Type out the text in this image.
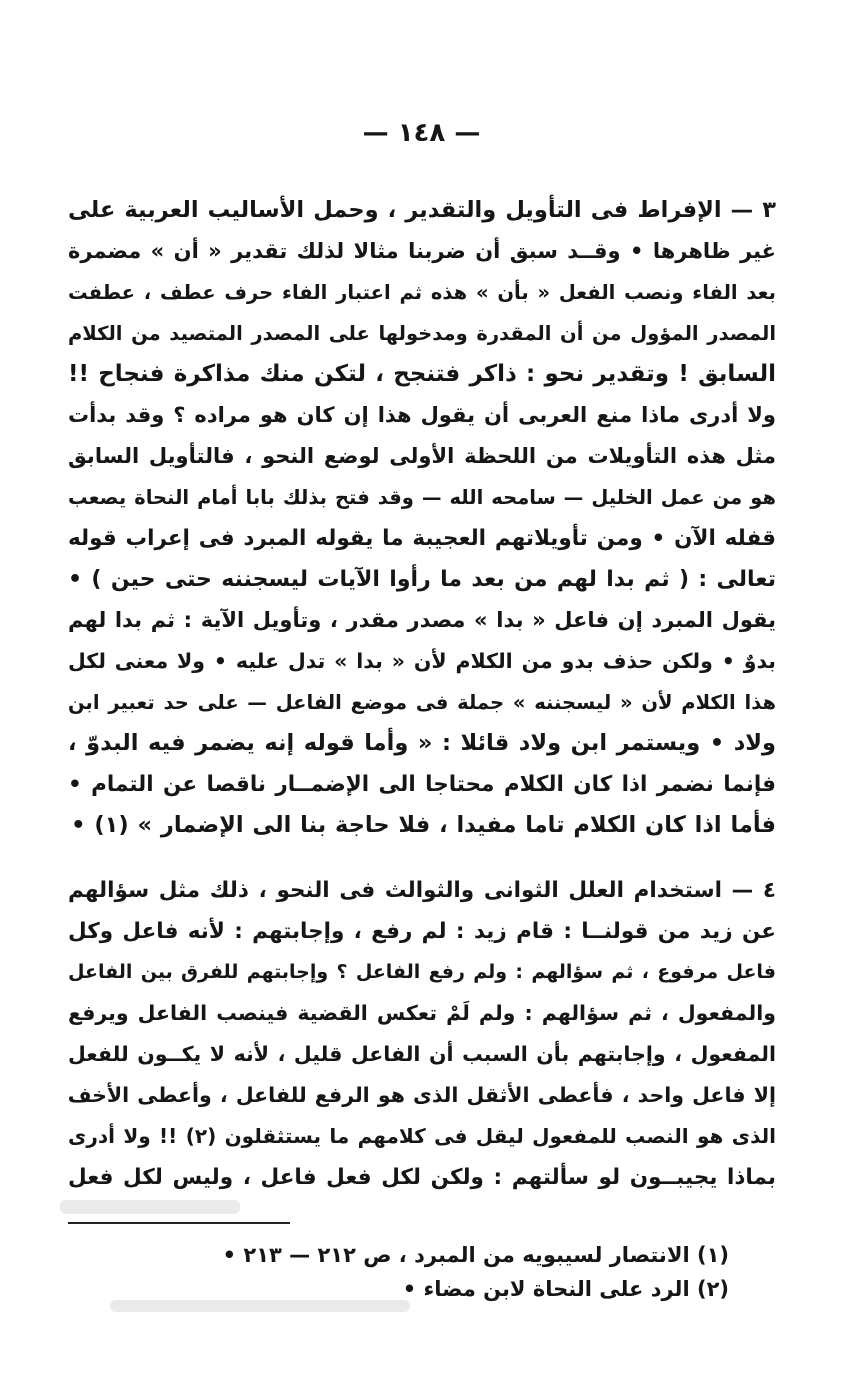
— ١٤٨ —
٣ — الإفراط فى التأويل والتقدير ، وحمل الأساليب العربية على
غير ظاهرها • وقــد سبق أن ضربنا مثالا لذلك تقدير « أن » مضمرة
بعد الفاء ونصب الفعل « بأن » هذه ثم اعتبار الفاء حرف عطف ، عطفت
المصدر المؤول من أن المقدرة ومدخولها على المصدر المتصيد من الكلام
السابق ! وتقدير نحو : ذاكر فتنجح ، لتكن منك مذاكرة فنجاح !!
ولا أدرى ماذا منع العربى أن يقول هذا إن كان هو مراده ؟ وقد بدأت
مثل هذه التأويلات من اللحظة الأولى لوضع النحو ، فالتأويل السابق
هو من عمل الخليل — سامحه الله — وقد فتح بذلك بابا أمام النحاة يصعب
قفله الآن • ومن تأويلاتهم العجيبة ما يقوله المبرد فى إعراب قوله
تعالى : ( ثم بدا لهم من بعد ما رأوا الآيات ليسجننه حتى حين ) •
يقول المبرد إن فاعل « بدا » مصدر مقدر ، وتأويل الآية : ثم بدا لهم
بدوٌ • ولكن حذف بدو من الكلام لأن « بدا » تدل عليه • ولا معنى لكل
هذا الكلام لأن « ليسجننه » جملة فى موضع الفاعل — على حد تعبير ابن
ولاد • ويستمر ابن ولاد قائلا : « وأما قوله إنه يضمر فيه البدوّ ،
فإنما نضمر اذا كان الكلام محتاجا الى الإضمــار ناقصا عن التمام •
فأما اذا كان الكلام تاما مفيدا ، فلا حاجة بنا الى الإضمار » (١) •
٤ — استخدام العلل الثوانى والثوالث فى النحو ، ذلك مثل سؤالهم
عن زيد من قولنــا : قام زيد : لم رفع ، وإجابتهم : لأنه فاعل وكل
فاعل مرفوع ، ثم سؤالهم : ولم رفع الفاعل ؟ وإجابتهم للفرق بين الفاعل
والمفعول ، ثم سؤالهم : ولم لَمْ تعكس القضية فينصب الفاعل ويرفع
المفعول ، وإجابتهم بأن السبب أن الفاعل قليل ، لأنه لا يكــون للفعل
إلا فاعل واحد ، فأعطى الأثقل الذى هو الرفع للفاعل ، وأعطى الأخف
الذى هو النصب للمفعول ليقل فى كلامهم ما يستثقلون (٢) !! ولا أدرى
بماذا يجيبــون لو سألتهم : ولكن لكل فعل فاعل ، وليس لكل فعل
(١) الانتصار لسيبويه من المبرد ، ص ٢١٢ — ٢١٣ •
(٢) الرد على النحاة لابن مضاء •
